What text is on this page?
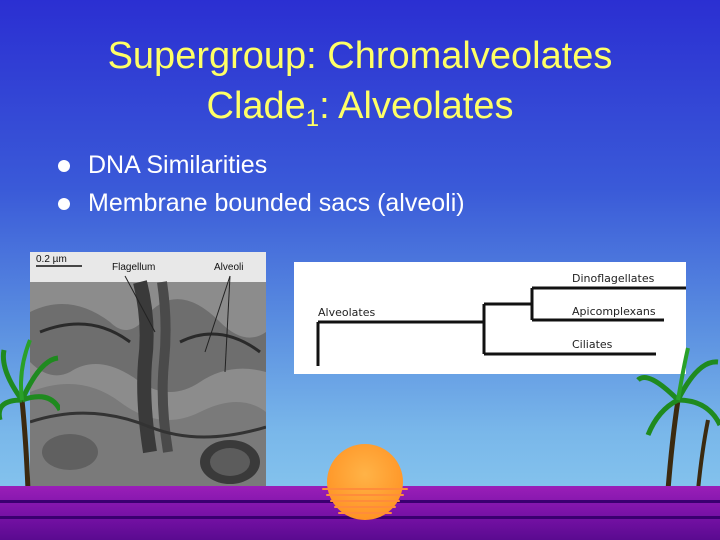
Supergroup: Chromalveolates
Clade$_1$: Alveolates
DNA Similarities
Membrane bounded sacs (alveoli)
0.2 µm
Flagellum	Alveoli
Alveolates
Dinoflagellates
Apicomplexans
Ciliates
